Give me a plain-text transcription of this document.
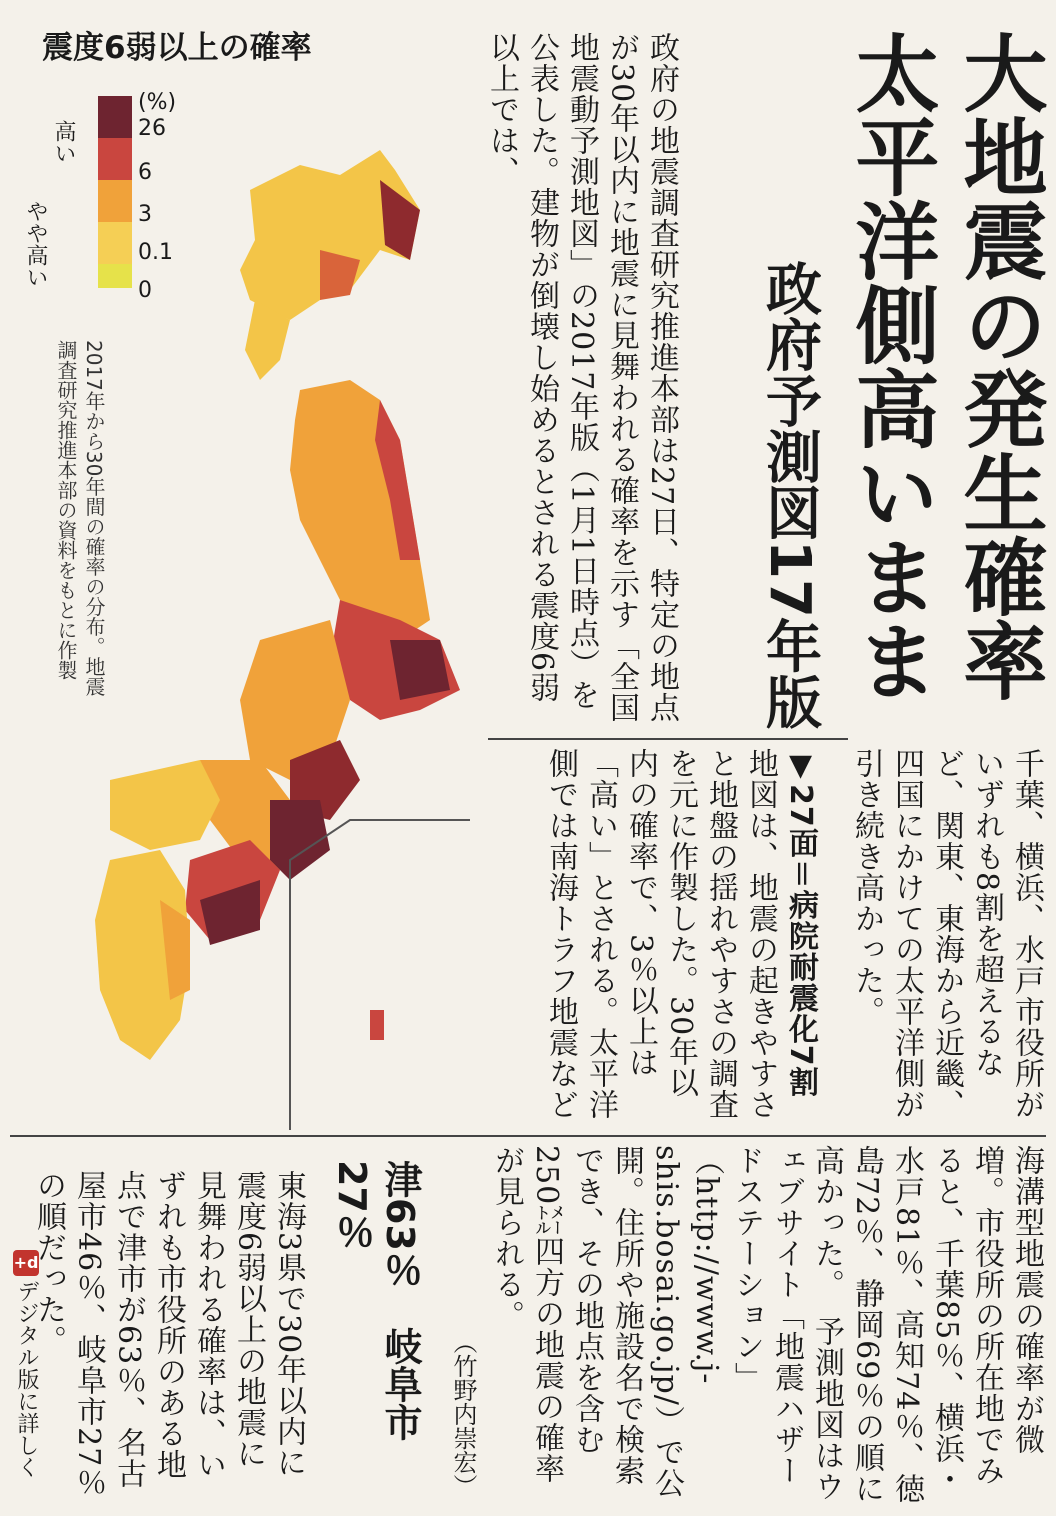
震度6弱以上の確率
(%)
26
6
3
0.1
0
高い
やや高い
2017年から30年間の確率の分布。地震調査研究推進本部の資料をもとに作製
+d
デジタル版に詳しく
大地震の発生確率
太平洋側高いまま
政府予測図17年版
政府の地震調査研究推進本部は27日、特定の地点が30年以内に地震に見舞われる確率を示す「全国地震動予測地図」の2017年版（1月1日時点）を公表した。建物が倒壊し始めるとされる震度6弱以上では、
千葉、横浜、水戸市役所がいずれも8割を超えるなど、関東、東海から近畿、四国にかけての太平洋側が引き続き高かった。
▼27面＝病院耐震化7割
地図は、地震の起きやすさと地盤の揺れやすさの調査を元に作製した。30年以内の確率で、3％以上は「高い」とされる。太平洋側では南海トラフ地震など
海溝型地震の確率が微増。市役所の所在地でみると、千葉85％、横浜・水戸81％、高知74％、徳島72％、静岡69％の順に高かった。　予測地図はウェブサイト「地震ハザードステーション」（http://www.j-shis.bosai.go.jp/）で公開。住所や施設名で検索でき、その地点を含む250㍍四方の地震の確率が見られる。
（竹野内崇宏）
津63％　岐阜市27％
東海3県で30年以内に震度6弱以上の地震に見舞われる確率は、いずれも市役所のある地点で津市が63％、名古屋市46％、岐阜市27％の順だった。
